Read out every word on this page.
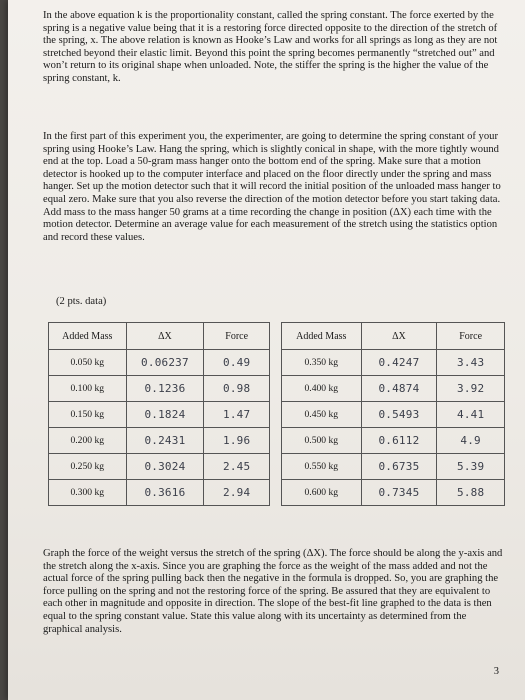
In the above equation k is the proportionality constant, called the spring constant. The force exerted by the spring is a negative value being that it is a restoring force directed opposite to the direction of the stretch of the spring, x. The above relation is known as Hooke’s Law and works for all springs as long as they are not stretched beyond their elastic limit. Beyond this point the spring becomes permanently “stretched out” and won’t return to its original shape when unloaded. Note, the stiffer the spring is the higher the value of the spring constant, k.

In the first part of this experiment you, the experimenter, are going to determine the spring constant of your spring using Hooke’s Law. Hang the spring, which is slightly conical in shape, with the more tightly wound end at the top. Load a 50-gram mass hanger onto the bottom end of the spring. Make sure that a motion detector is hooked up to the computer interface and placed on the floor directly under the spring and mass hanger. Set up the motion detector such that it will record the initial position of the unloaded mass hanger to equal zero. Make sure that you also reverse the direction of the motion detector before you start taking data. Add mass to the mass hanger 50 grams at a time recording the change in position (ΔX) each time with the motion detector. Determine an average value for each measurement of the stretch using the statistics option and record these values.

(2 pts. data)

Added Mass	ΔX	Force
0.050 kg	0.06237	0.49
0.100 kg	0.1236	0.98
0.150 kg	0.1824	1.47
0.200 kg	0.2431	1.96
0.250 kg	0.3024	2.45
0.300 kg	0.3616	2.94
Added Mass	ΔX	Force
0.350 kg	0.4247	3.43
0.400 kg	0.4874	3.92
0.450 kg	0.5493	4.41
0.500 kg	0.6112	4.9
0.550 kg	0.6735	5.39
0.600 kg	0.7345	5.88

Graph the force of the weight versus the stretch of the spring (ΔX). The force should be along the y-axis and the stretch along the x-axis. Since you are graphing the force as the weight of the mass added and not the actual force of the spring pulling back then the negative in the formula is dropped. So, you are graphing the force pulling on the spring and not the restoring force of the spring. Be assured that they are equivalent to each other in magnitude and opposite in direction. The slope of the best-fit line graphed to the data is then equal to the spring constant value. State this value along with its uncertainty as determined from the graphical analysis.

3
